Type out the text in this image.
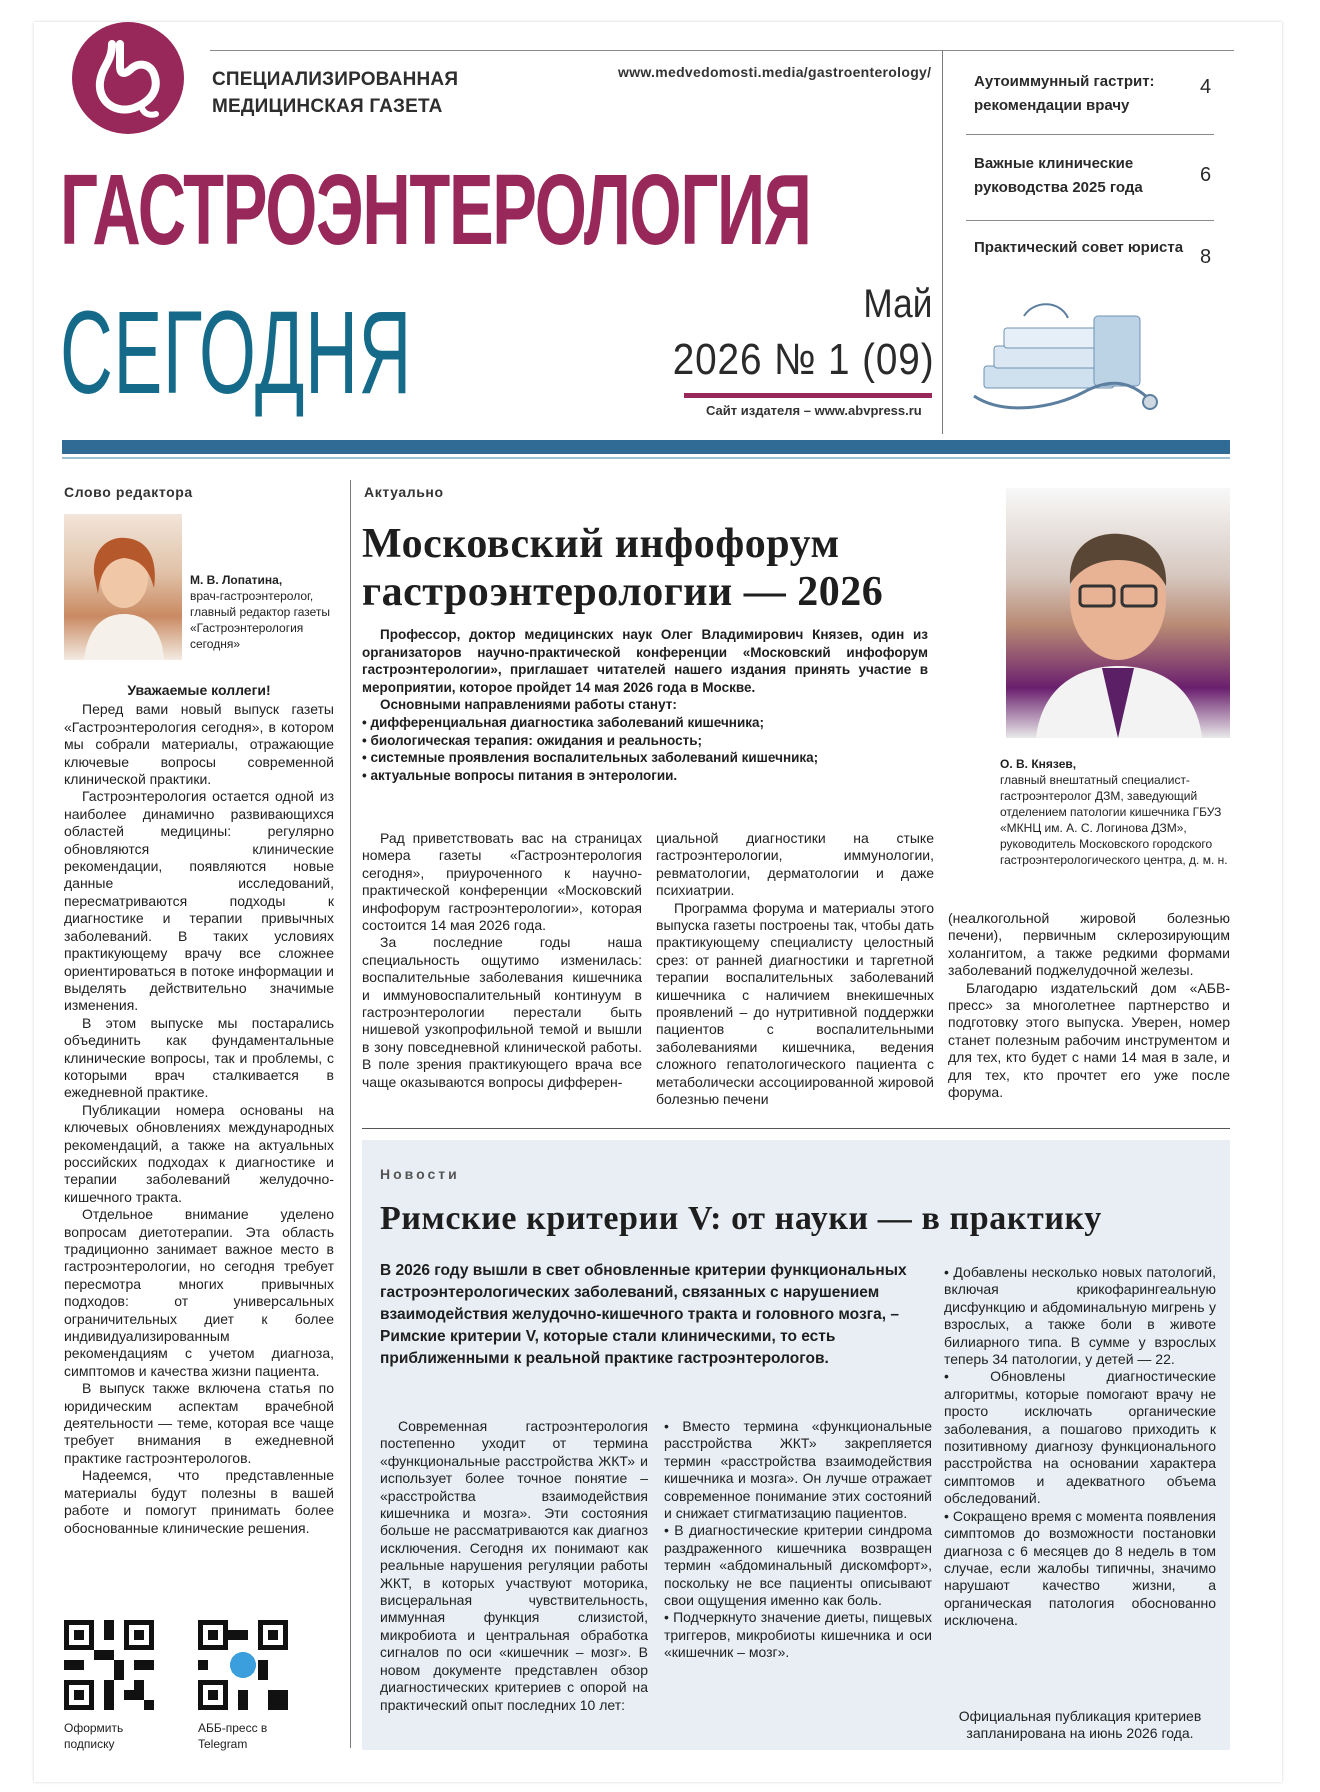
СПЕЦИАЛИЗИРОВАННАЯ
МЕДИЦИНСКАЯ ГАЗЕТА
www.medvedomosti.media/gastroenterology/
ГАСТРОЭНТЕРОЛОГИЯ
СЕГОДНЯ	Май
2026 № 1 (09)
Сайт издателя – www.abvpress.ru
Аутоиммунный гастрит: рекомендации врачу
4
Важные клинические руководства 2025 года
6
Практический совет юриста 8
Слово редактора
М. В. Лопатина,
врач-гастроэнтеролог, главный редактор газеты «Гастроэнтерология сегодня»

Уважаемые коллеги!

Перед вами новый выпуск газеты «Гастроэнтерология сегодня», в котором мы собрали материалы, отражающие ключевые вопросы современной клинической практики.

Гастроэнтерология остается одной из наиболее динамично развивающихся областей медицины: регулярно обновляются клинические рекомендации, появляются новые данные исследований, пересматриваются подходы к диагностике и терапии привычных заболеваний. В таких условиях практикующему врачу все сложнее ориентироваться в потоке информации и выделять действительно значимые изменения.

В этом выпуске мы постарались объединить как фундаментальные клинические вопросы, так и проблемы, с которыми врач сталкивается в ежедневной практике.

Публикации номера основаны на ключевых обновлениях международных рекомендаций, а также на актуальных российских подходах к диагностике и терапии заболеваний желудочно-кишечного тракта.

Отдельное внимание уделено вопросам диетотерапии. Эта область традиционно занимает важное место в гастроэнтерологии, но сегодня требует пересмотра многих привычных подходов: от универсальных ограничительных диет к более индивидуализированным рекомендациям с учетом диагноза, симптомов и качества жизни пациента.

В выпуск также включена статья по юридическим аспектам врачебной деятельности — теме, которая все чаще требует внимания в ежедневной практике гастроэнтерологов.

Надеемся, что представленные материалы будут полезны в вашей работе и помогут принимать более обоснованные клинические решения.

Оформить подписку
АББ-пресс в Telegram
Актуально
Московский инфофорум
гастроэнтерологии — 2026
Профессор, доктор медицинских наук Олег Владимирович Князев, один из организаторов научно-практической конференции «Московский инфофорум гастроэнтерологии», приглашает читателей нашего издания принять участие в мероприятии, которое пройдет 14 мая 2026 года в Москве.
Основными направлениями работы станут:
• дифференциальная диагностика заболеваний кишечника;
• биологическая терапия: ожидания и реальность;
• системные проявления воспалительных заболеваний кишечника;
• актуальные вопросы питания в энтерологии.
О. В. Князев,
главный внештатный специалист-гастроэнтеролог ДЗМ, заведующий отделением патологии кишечника ГБУЗ «МКНЦ им. А. С. Логинова ДЗМ», руководитель Московского городского гастроэнтерологического центра, д. м. н.

Рад приветствовать вас на страницах номера газеты «Гастроэнтерология сегодня», приуроченного к научно-практической конференции «Московский инфофорум гастроэнтерологии», которая состоится 14 мая 2026 года.

За последние годы наша специальность ощутимо изменилась: воспалительные заболевания кишечника и иммуновоспалительный континуум в гастроэнтерологии перестали быть нишевой узкопрофильной темой и вышли в зону повседневной клинической работы. В поле зрения практикующего врача все чаще оказываются вопросы дифферен-

циальной диагностики на стыке гастроэнтерологии, иммунологии, ревматологии, дерматологии и даже психиатрии.

Программа форума и материалы этого выпуска газеты построены так, чтобы дать практикующему специалисту целостный срез: от ранней диагностики и таргетной терапии воспалительных заболеваний кишечника с наличием внекишечных проявлений – до нутритивной поддержки пациентов с воспалительными заболеваниями кишечника, ведения сложного гепатологического пациента с метаболически ассоциированной жировой болезнью печени

(неалкогольной жировой болезнью печени), первичным склерозирующим холангитом, а также редкими формами заболеваний поджелудочной железы.

Благодарю издательский дом «АБВ-пресс» за многолетнее партнерство и подготовку этого выпуска. Уверен, номер станет полезным рабочим инструментом и для тех, кто будет с нами 14 мая в зале, и для тех, кто прочтет его уже после форума.

Новости
Римские критерии V: от науки — в практику
В 2026 году вышли в свет обновленные критерии функциональных гастроэнтерологических заболеваний, связанных с нарушением взаимодействия желудочно-кишечного тракта и головного мозга, – Римские критерии V, которые стали клиническими, то есть приближенными к реальной практике гастроэнтерологов.

Современная гастроэнтерология постепенно уходит от термина «функциональные расстройства ЖКТ» и использует более точное понятие – «расстройства взаимодействия кишечника и мозга». Эти состояния больше не рассматриваются как диагноз исключения. Сегодня их понимают как реальные нарушения регуляции работы ЖКТ, в которых участвуют моторика, висцеральная чувствительность, иммунная функция слизистой, микробиота и центральная обработка сигналов по оси «кишечник – мозг». В новом документе представлен обзор диагностических критериев с опорой на практический опыт последних 10 лет:

• Вместо термина «функциональные расстройства ЖКТ» закрепляется термин «расстройства взаимодействия кишечника и мозга». Он лучше отражает современное понимание этих состояний и снижает стигматизацию пациентов.

• В диагностические критерии синдрома раздраженного кишечника возвращен термин «абдоминальный дискомфорт», поскольку не все пациенты описывают свои ощущения именно как боль.

• Подчеркнуто значение диеты, пищевых триггеров, микробиоты кишечника и оси «кишечник – мозг».

• Добавлены несколько новых патологий, включая крикофарингеальную дисфункцию и абдоминальную мигрень у взрослых, а также боли в животе билиарного типа. В сумме у взрослых теперь 34 патологии, у детей — 22.

• Обновлены диагностические алгоритмы, которые помогают врачу не просто исключать органические заболевания, а пошагово приходить к позитивному диагнозу функционального расстройства на основании характера симптомов и адекватного объема обследований.

• Сокращено время с момента появления симптомов до возможности постановки диагноза с 6 месяцев до 8 недель в том случае, если жалобы типичны, значимо нарушают качество жизни, а органическая патология обоснованно исключена.

Официальная публикация критериев запланирована на июнь 2026 года.
